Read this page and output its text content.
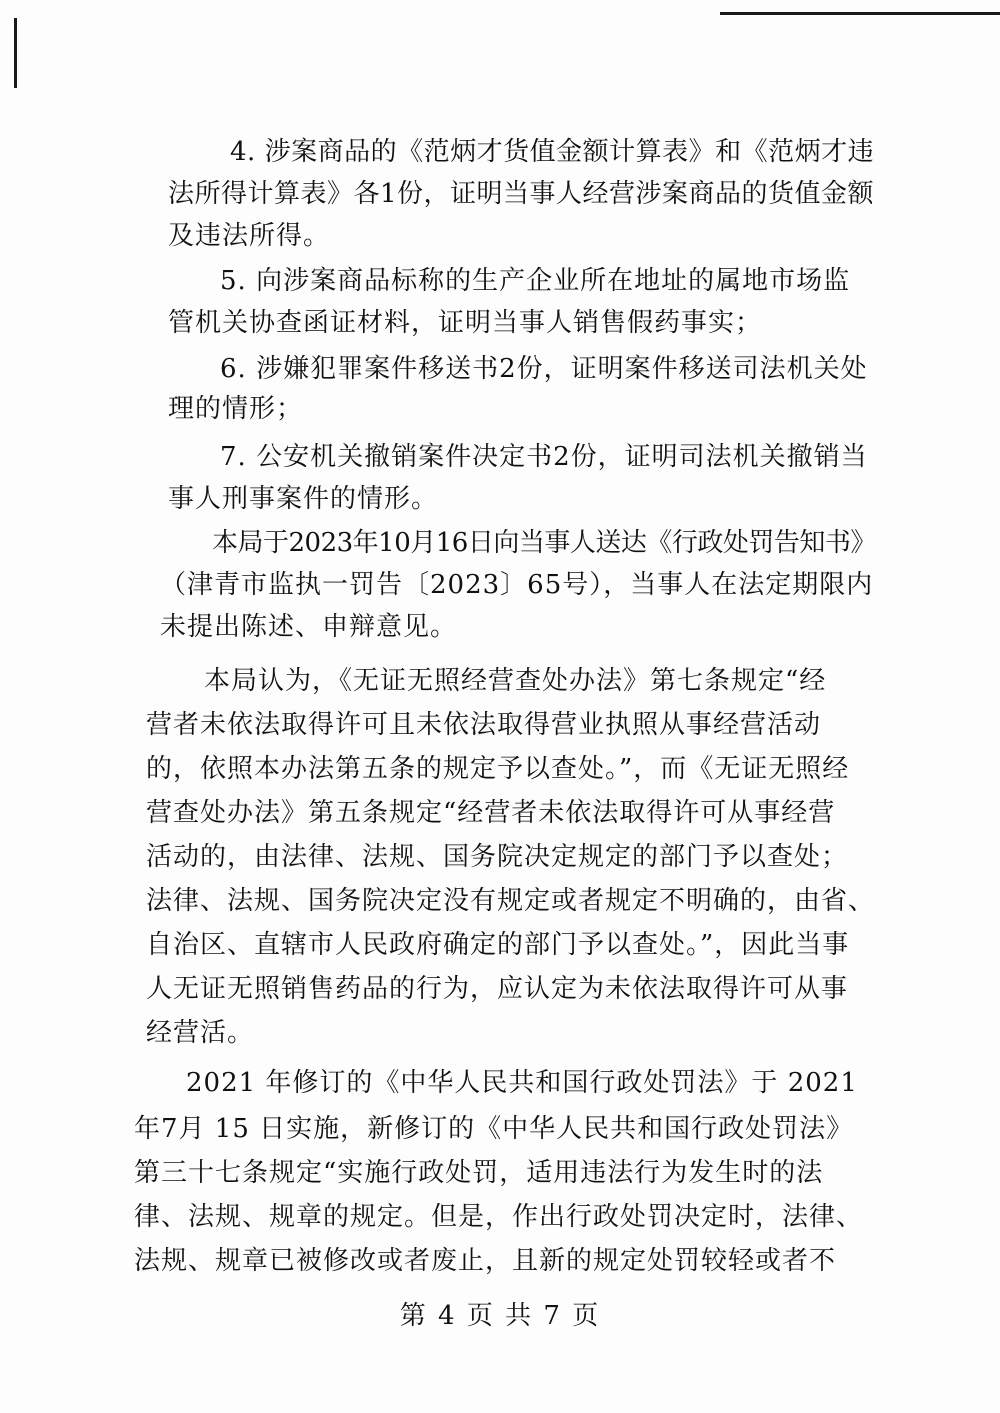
4. 涉案商品的《范炳才货值金额计算表》和《范炳才违
法所得计算表》各1份，证明当事人经营涉案商品的货值金额
及违法所得。
5. 向涉案商品标称的生产企业所在地址的属地市场监
管机关协查函证材料，证明当事人销售假药事实；
6. 涉嫌犯罪案件移送书2份，证明案件移送司法机关处
理的情形；
7. 公安机关撤销案件决定书2份，证明司法机关撤销当
事人刑事案件的情形。
本局于2023年10月16日向当事人送达《行政处罚告知书》
（津青市监执一罚告〔2023〕65号），当事人在法定期限内
未提出陈述、申辩意见。
本局认为，《无证无照经营查处办法》第七条规定“经
营者未依法取得许可且未依法取得营业执照从事经营活动
的，依照本办法第五条的规定予以查处。”，而《无证无照经
营查处办法》第五条规定“经营者未依法取得许可从事经营
活动的，由法律、法规、国务院决定规定的部门予以查处；
法律、法规、国务院决定没有规定或者规定不明确的，由省、
自治区、直辖市人民政府确定的部门予以查处。”，因此当事
人无证无照销售药品的行为，应认定为未依法取得许可从事
经营活。
2021 年修订的《中华人民共和国行政处罚法》于 2021
年7月 15 日实施，新修订的《中华人民共和国行政处罚法》
第三十七条规定“实施行政处罚，适用违法行为发生时的法
律、法规、规章的规定。但是，作出行政处罚决定时，法律、
法规、规章已被修改或者废止，且新的规定处罚较轻或者不
第 4 页 共 7 页
